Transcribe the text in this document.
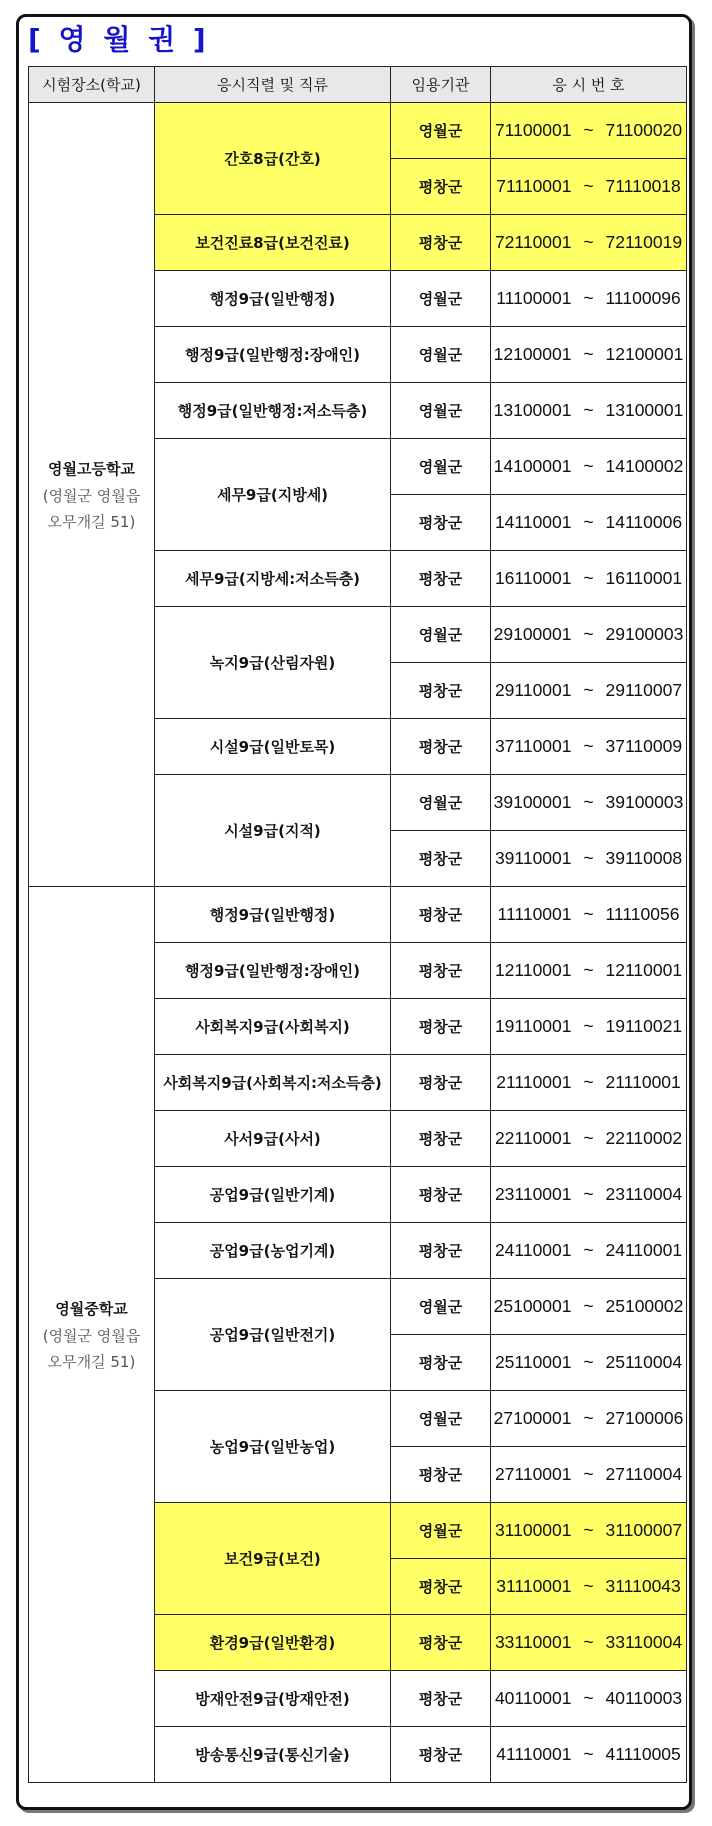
[ 영 월 권 ]
시험장소(학교)	응시직렬 및 직류	임용기관	응 시 번 호

영월고등학교
(영월군 영월읍
오무개길 51)	간호8급(간호)	영월군	71100001 ~ 71100020
		평창군	71110001 ~ 71110018
	보건진료8급(보건진료)	평창군	72110001 ~ 72110019
	행정9급(일반행정)	영월군	11100001 ~ 11100096
	행정9급(일반행정:장애인)	영월군	12100001 ~ 12100001
	행정9급(일반행정:저소득층)	영월군	13100001 ~ 13100001
	세무9급(지방세)	영월군	14100001 ~ 14100002
		평창군	14110001 ~ 14110006
	세무9급(지방세:저소득층)	평창군	16110001 ~ 16110001
	녹지9급(산림자원)	영월군	29100001 ~ 29100003
		평창군	29110001 ~ 29110007
	시설9급(일반토목)	평창군	37110001 ~ 37110009
	시설9급(지적)	영월군	39100001 ~ 39100003
		평창군	39110001 ~ 39110008

영월중학교
(영월군 영월읍
오무개길 51)	행정9급(일반행정)	평창군	11110001 ~ 11110056
	행정9급(일반행정:장애인)	평창군	12110001 ~ 12110001
	사회복지9급(사회복지)	평창군	19110001 ~ 19110021
	사회복지9급(사회복지:저소득층)	평창군	21110001 ~ 21110001
	사서9급(사서)	평창군	22110001 ~ 22110002
	공업9급(일반기계)	평창군	23110001 ~ 23110004
	공업9급(농업기계)	평창군	24110001 ~ 24110001
	공업9급(일반전기)	영월군	25100001 ~ 25100002
		평창군	25110001 ~ 25110004
	농업9급(일반농업)	영월군	27100001 ~ 27100006
		평창군	27110001 ~ 27110004
	보건9급(보건)	영월군	31100001 ~ 31100007
		평창군	31110001 ~ 31110043
	환경9급(일반환경)	평창군	33110001 ~ 33110004
	방재안전9급(방재안전)	평창군	40110001 ~ 40110003
	방송통신9급(통신기술)	평창군	41110001 ~ 41110005
